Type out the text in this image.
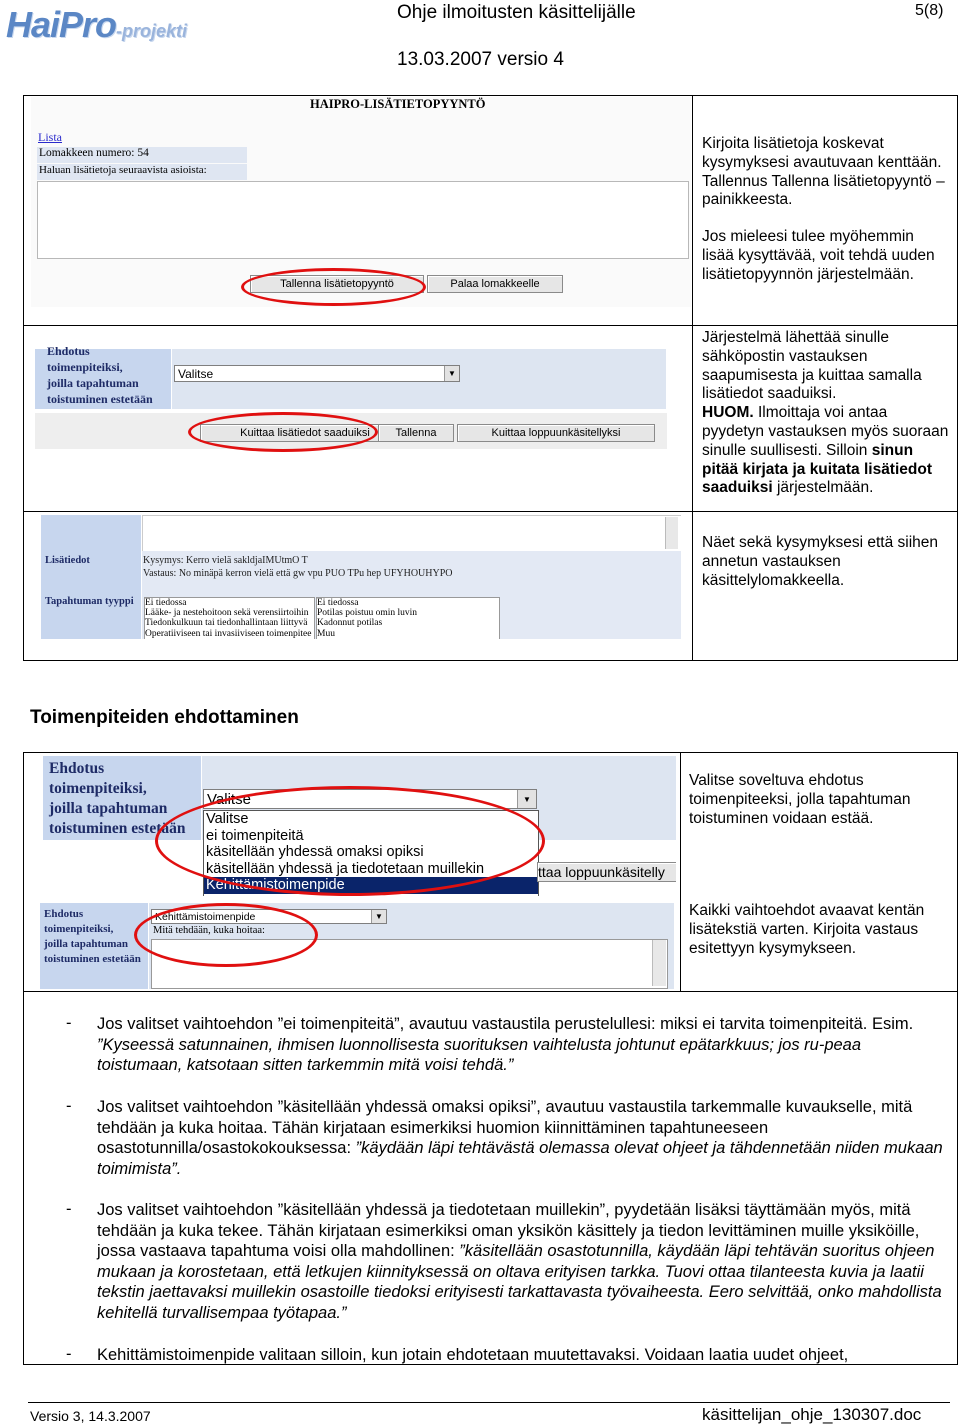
HaiPro-projekti
Ohje ilmoitusten käsittelijälle	5(8)
13.03.2007 versio 4
HAIPRO-LISÄTIETOPYYNTÖ
Lista
Lomakkeen numero: 54
Haluan lisätietoja seuraavista asioista:
Tallenna lisätietopyyntö	Palaa lomakkeelle

Kirjoita lisätietoja koskevat kysymyksesi avautuvaan kenttään. Tallennus Tallenna lisätietopyyntö –painikkeesta.

Jos mieleesi tulee myöhemmin lisää kysyttävää, voit tehdä uuden lisätietopyynnön järjestelmään.

Ehdotus
toimenpiteiksi,
joilla tapahtuman
toistuminen estetään
Valitse	▼
Kuittaa lisätiedot saaduiksi	Tallenna	Kuittaa loppuunkäsitellyksi
Järjestelmä lähettää sinulle sähköpostin vastauksen saapumisesta ja kuittaa samalla lisätiedot saaduiksi.
HUOM. Ilmoittaja voi antaa pyydetyn vastauksen myös suoraan sinulle suullisesti. Silloin sinun pitää kirjata ja kuitata lisätiedot saaduiksi järjestelmään.
Lisätiedot	Kysymys: Kerro vielä sakldjaIMUtmO T
Vastaus: No minäpä kerron vielä että gw vpu PUO TPu hep UFYHOUHYPO
Tapahtuman tyyppi Ei tiedossa
Lääke- ja nestehoitoon sekä verensiirtoihin
Tiedonkulkuun tai tiedonhallintaan liittyvä
Operatiiviseen tai invasiiviseen toimenpitee
Ei tiedossa
Potilas poistuu omin luvin
Kadonnut potilas
Muu
Näet sekä kysymyksesi että siihen annetun vastauksen käsittelylomakkeella.
Toimenpiteiden ehdottaminen
Ehdotus
toimenpiteiksi,
joilla tapahtuman
toistuminen estetään
Valitse	▼
Valitse
ei toimenpiteitä
käsitellään yhdessä omaksi opiksi
käsitellään yhdessä ja tiedotetaan muillekin
Kehittämistoimenpide
ttaa loppuunkäsitelly
Valitse soveltuva ehdotus toimenpiteeksi, jolla tapahtuman toistuminen voidaan estää.
Ehdotus
toimenpiteiksi,
joilla tapahtuman
toistuminen estetään
Kehittämistoimenpide	▼
Mitä tehdään, kuka hoitaa:
Kaikki vaihtoehdot avaavat kentän lisätekstiä varten. Kirjoita vastaus esitettyyn kysymykseen.
- Jos valitset vaihtoehdon ”ei toimenpiteitä”, avautuu vastaustila perustelullesi: miksi ei tarvita toimenpiteitä. Esim. ”Kyseessä satunnainen, ihmisen luonnollisesta suorituksen vaihtelusta johtunut epätarkkuus; jos ru-peaa toistumaan, katsotaan sitten tarkemmin mitä voisi tehdä.”
- Jos valitset vaihtoehdon ”käsitellään yhdessä omaksi opiksi”, avautuu vastaustila tarkemmalle kuvaukselle, mitä tehdään ja kuka hoitaa. Tähän kirjataan esimerkiksi huomion kiinnittäminen tapahtuneeseen osastotunnilla/osastokokouksessa: ”käydään läpi tehtävästä olemassa olevat ohjeet ja tähdennetään niiden mukaan toimimista”.
- Jos valitset vaihtoehdon ”käsitellään yhdessä ja tiedotetaan muillekin”, pyydetään lisäksi täyttämään myös, mitä tehdään ja kuka tekee. Tähän kirjataan esimerkiksi oman yksikön käsittely ja tiedon levittäminen muille yksiköille, jossa vastaava tapahtuma voisi olla mahdollinen: ”käsitellään osastotunnilla, käydään läpi tehtävän suoritus ohjeen mukaan ja korostetaan, että letkujen kiinnityksessä on oltava erityisen tarkka. Tuovi ottaa tilanteesta kuvia ja laatii tekstin jaettavaksi muillekin osastoille tiedoksi erityisesti tarkattavasta työvaiheesta. Eero selvittää, onko mahdollista kehitellä turvallisempaa työtapaa.”
- Kehittämistoimenpide valitaan silloin, kun jotain ehdotetaan muutettavaksi. Voidaan laatia uudet ohjeet,
Versio 3, 14.3.2007	käsittelijan_ohje_130307.doc
